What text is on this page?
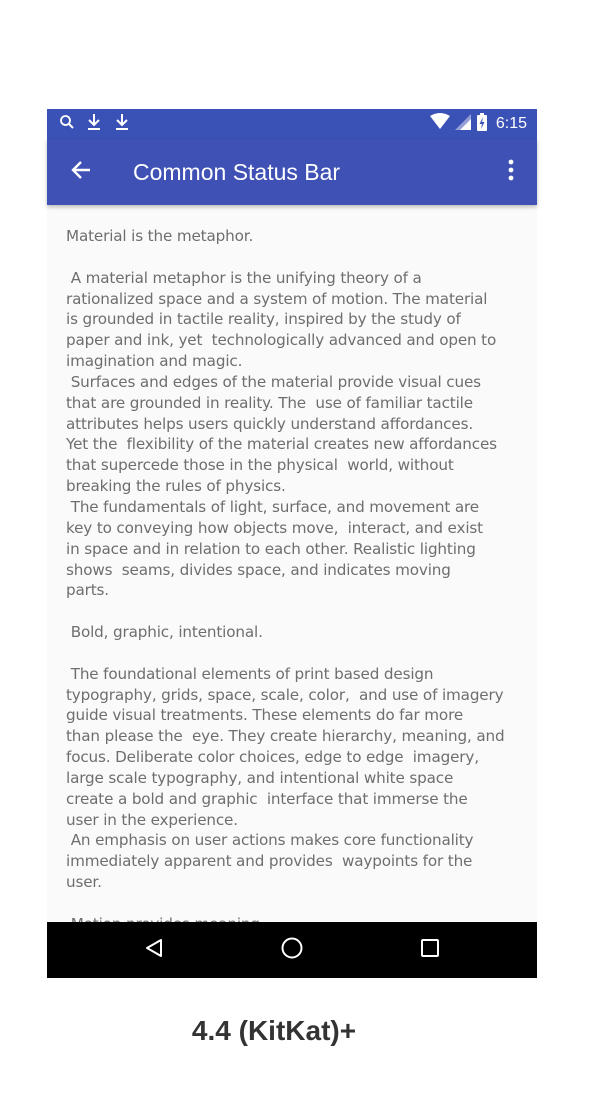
6:15
Common Status Bar

Material is the metaphor.

A material metaphor is the unifying theory of a
rationalized space and a system of motion. The material
is grounded in tactile reality, inspired by the study of
paper and ink, yet  technologically advanced and open to
imagination and magic.
Surfaces and edges of the material provide visual cues
that are grounded in reality. The  use of familiar tactile
attributes helps users quickly understand affordances.
Yet the  flexibility of the material creates new affordances
that supercede those in the physical  world, without
breaking the rules of physics.
The fundamentals of light, surface, and movement are
key to conveying how objects move,  interact, and exist
in space and in relation to each other. Realistic lighting
shows  seams, divides space, and indicates moving
parts.

Bold, graphic, intentional.

The foundational elements of print based design
typography, grids, space, scale, color,  and use of imagery
guide visual treatments. These elements do far more
than please the  eye. They create hierarchy, meaning, and
focus. Deliberate color choices, edge to edge  imagery,
large scale typography, and intentional white space
create a bold and graphic  interface that immerse the
user in the experience.
An emphasis on user actions makes core functionality
immediately apparent and provides  waypoints for the
user.

4.4 (KitKat)+
